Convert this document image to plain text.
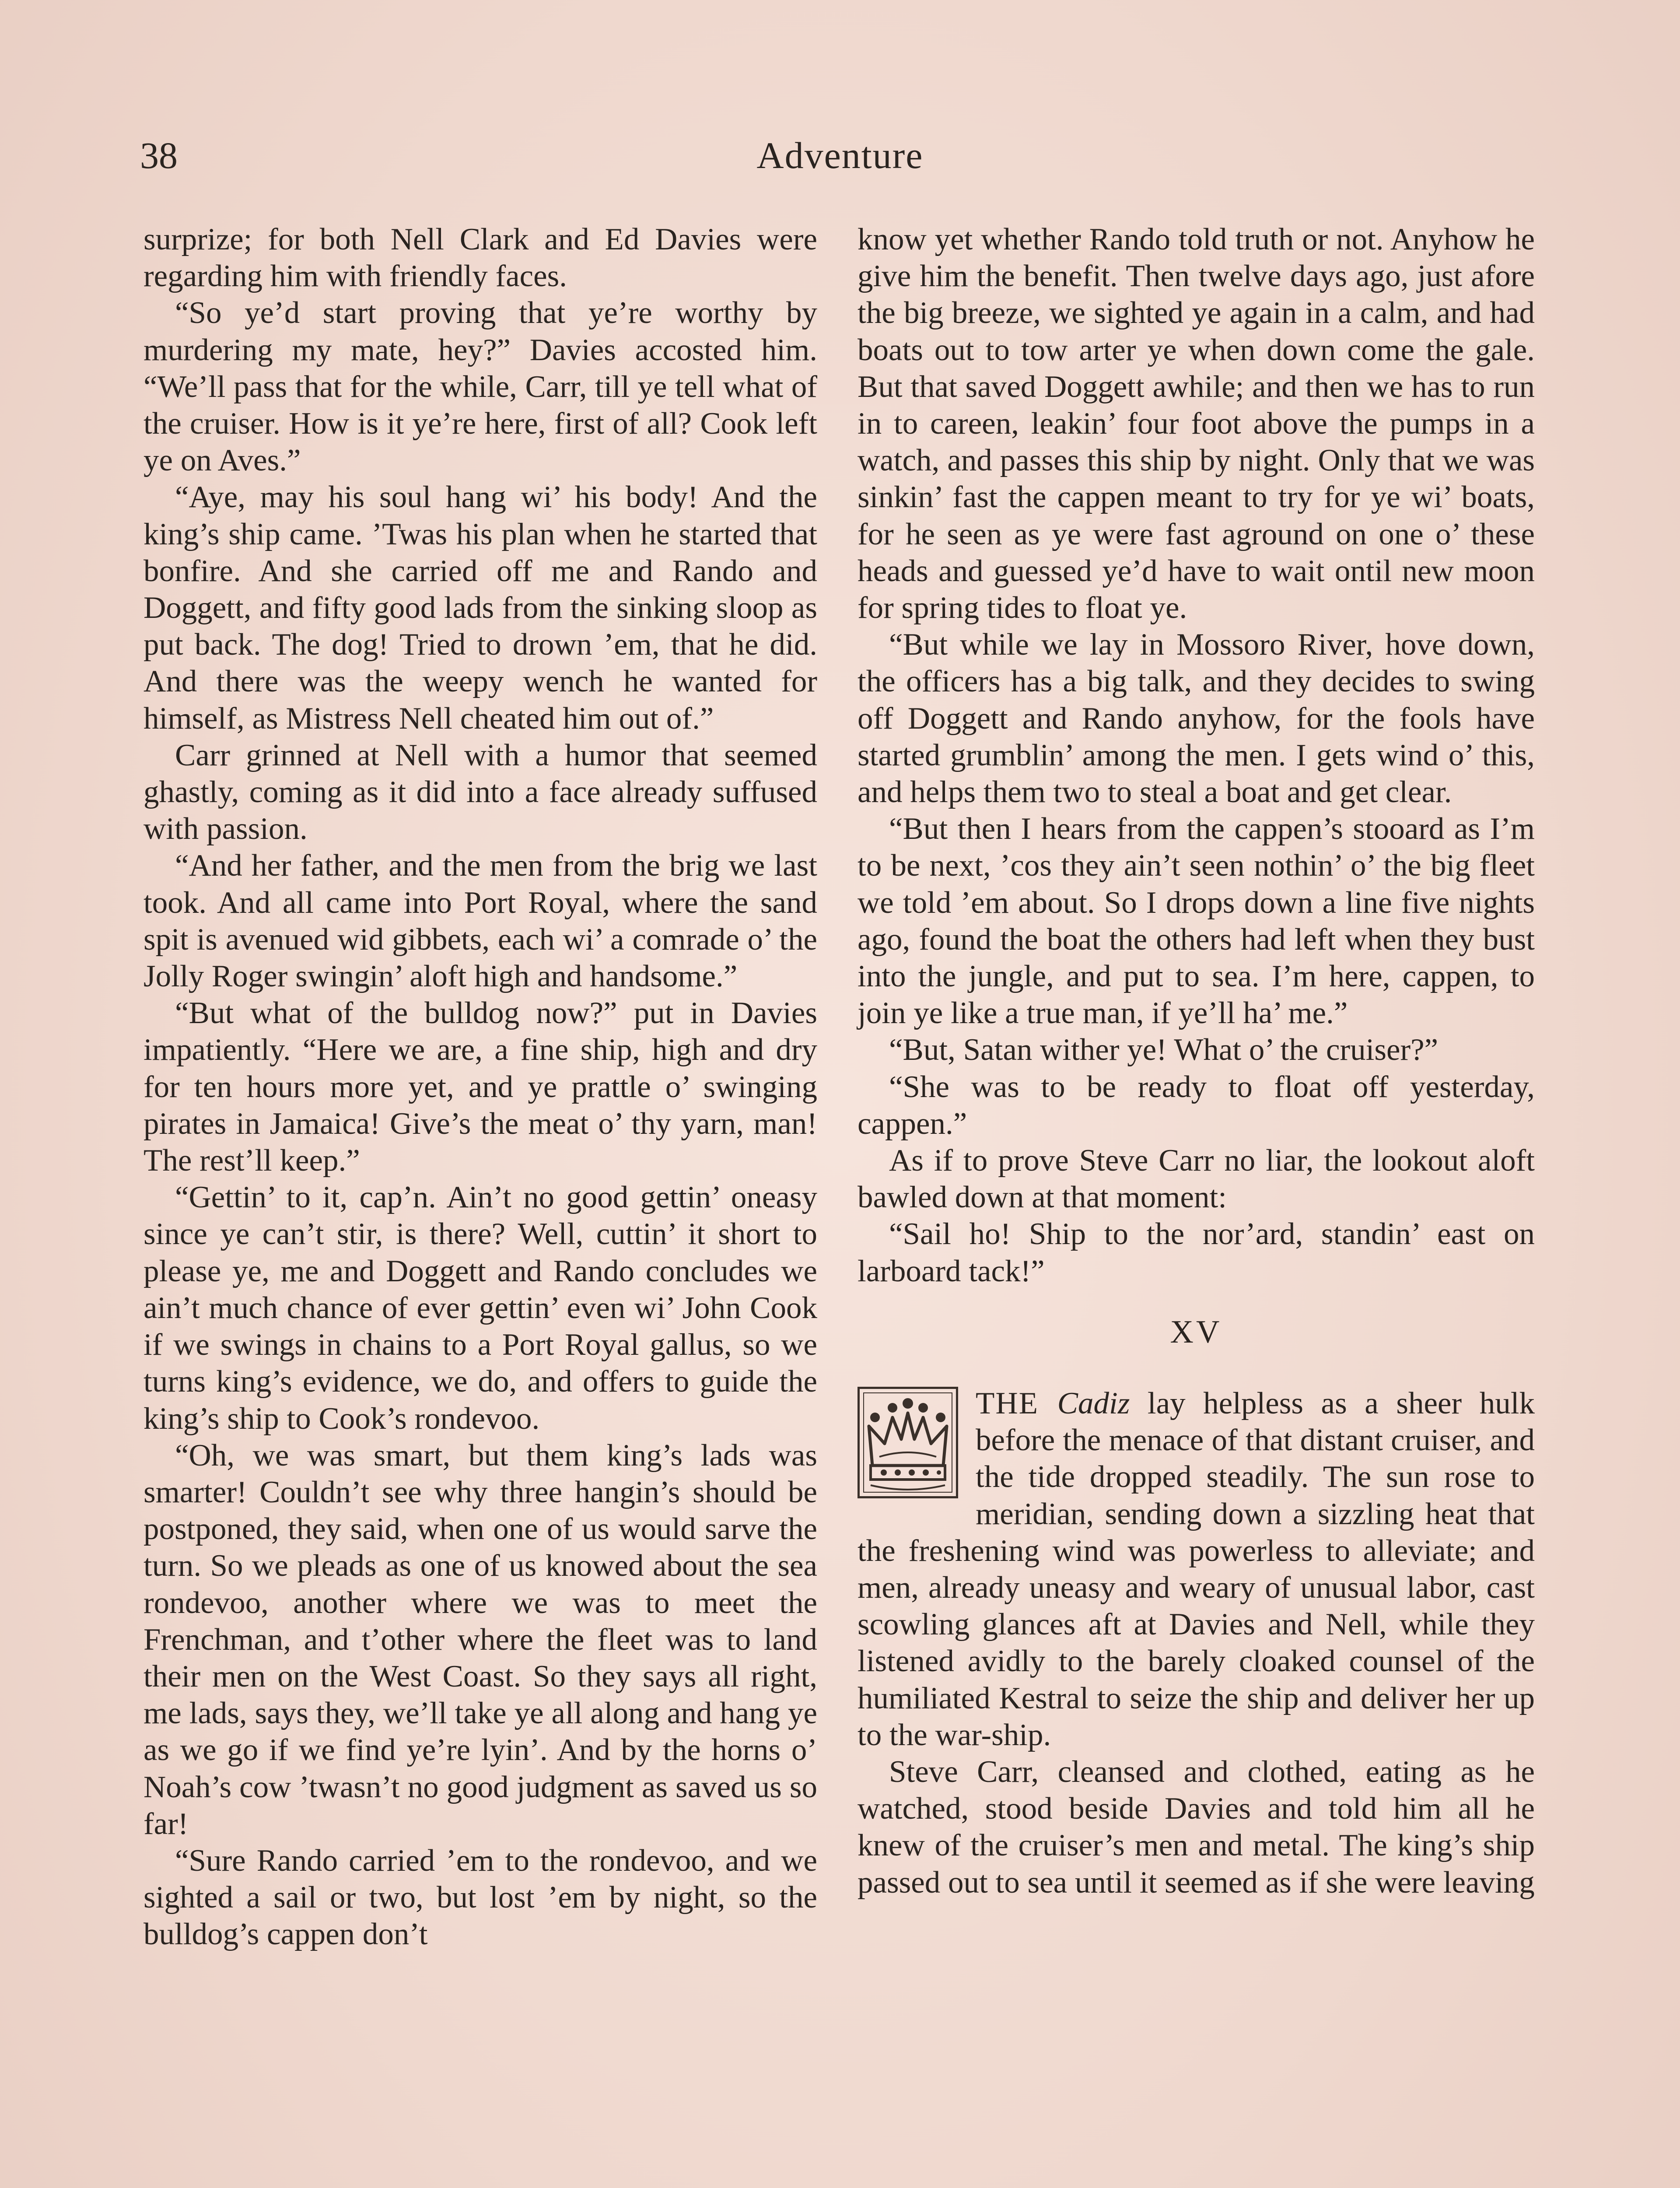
38	Adventure

surprize; for both Nell Clark and Ed Davies were regarding him with friendly faces.

“So ye’d start proving that ye’re worthy by murdering my mate, hey?” Davies accosted him. “We’ll pass that for the while, Carr, till ye tell what of the cruiser. How is it ye’re here, first of all? Cook left ye on Aves.”

“Aye, may his soul hang wi’ his body! And the king’s ship came. ’Twas his plan when he started that bonfire. And she carried off me and Rando and Doggett, and fifty good lads from the sinking sloop as put back. The dog! Tried to drown ’em, that he did. And there was the weepy wench he wanted for himself, as Mistress Nell cheated him out of.”

Carr grinned at Nell with a humor that seemed ghastly, coming as it did into a face already suffused with passion.

“And her father, and the men from the brig we last took. And all came into Port Royal, where the sand spit is avenued wid gibbets, each wi’ a comrade o’ the Jolly Roger swingin’ aloft high and handsome.”

“But what of the bulldog now?” put in Davies impatiently. “Here we are, a fine ship, high and dry for ten hours more yet, and ye prattle o’ swinging pirates in Jamaica! Give’s the meat o’ thy yarn, man! The rest’ll keep.”

“Gettin’ to it, cap’n. Ain’t no good gettin’ oneasy since ye can’t stir, is there? Well, cuttin’ it short to please ye, me and Doggett and Rando concludes we ain’t much chance of ever gettin’ even wi’ John Cook if we swings in chains to a Port Royal gallus, so we turns king’s evidence, we do, and offers to guide the king’s ship to Cook’s rondevoo.

“Oh, we was smart, but them king’s lads was smarter! Couldn’t see why three hangin’s should be postponed, they said, when one of us would sarve the turn. So we pleads as one of us knowed about the sea rondevoo, another where we was to meet the Frenchman, and t’other where the fleet was to land their men on the West Coast. So they says all right, me lads, says they, we’ll take ye all along and hang ye as we go if we find ye’re lyin’. And by the horns o’ Noah’s cow ’twasn’t no good judgment as saved us so far!

“Sure Rando carried ’em to the rondevoo, and we sighted a sail or two, but lost ’em by night, so the bulldog’s cappen don’t

know yet whether Rando told truth or not. Anyhow he give him the benefit. Then twelve days ago, just afore the big breeze, we sighted ye again in a calm, and had boats out to tow arter ye when down come the gale. But that saved Doggett awhile; and then we has to run in to careen, leakin’ four foot above the pumps in a watch, and passes this ship by night. Only that we was sinkin’ fast the cappen meant to try for ye wi’ boats, for he seen as ye were fast aground on one o’ these heads and guessed ye’d have to wait ontil new moon for spring tides to float ye.

“But while we lay in Mossoro River, hove down, the officers has a big talk, and they decides to swing off Doggett and Rando anyhow, for the fools have started grumblin’ among the men. I gets wind o’ this, and helps them two to steal a boat and get clear.

“But then I hears from the cappen’s stooard as I’m to be next, ’cos they ain’t seen nothin’ o’ the big fleet we told ’em about. So I drops down a line five nights ago, found the boat the others had left when they bust into the jungle, and put to sea. I’m here, cappen, to join ye like a true man, if ye’ll ha’ me.”

“But, Satan wither ye! What o’ the cruiser?”

“She was to be ready to float off yesterday, cappen.”

As if to prove Steve Carr no liar, the lookout aloft bawled down at that moment:

“Sail ho! Ship to the nor’ard, standin’ east on larboard tack!”

XV

THE Cadiz lay helpless as a sheer hulk before the menace of that distant cruiser, and the tide dropped steadily. The sun rose to meridian, sending down a sizzling heat that the freshening wind was powerless to alleviate; and men, already uneasy and weary of unusual labor, cast scowling glances aft at Davies and Nell, while they listened avidly to the barely cloaked counsel of the humiliated Kestral to seize the ship and deliver her up to the war-ship.

Steve Carr, cleansed and clothed, eating as he watched, stood beside Davies and told him all he knew of the cruiser’s men and metal. The king’s ship passed out to sea until it seemed as if she were leaving
